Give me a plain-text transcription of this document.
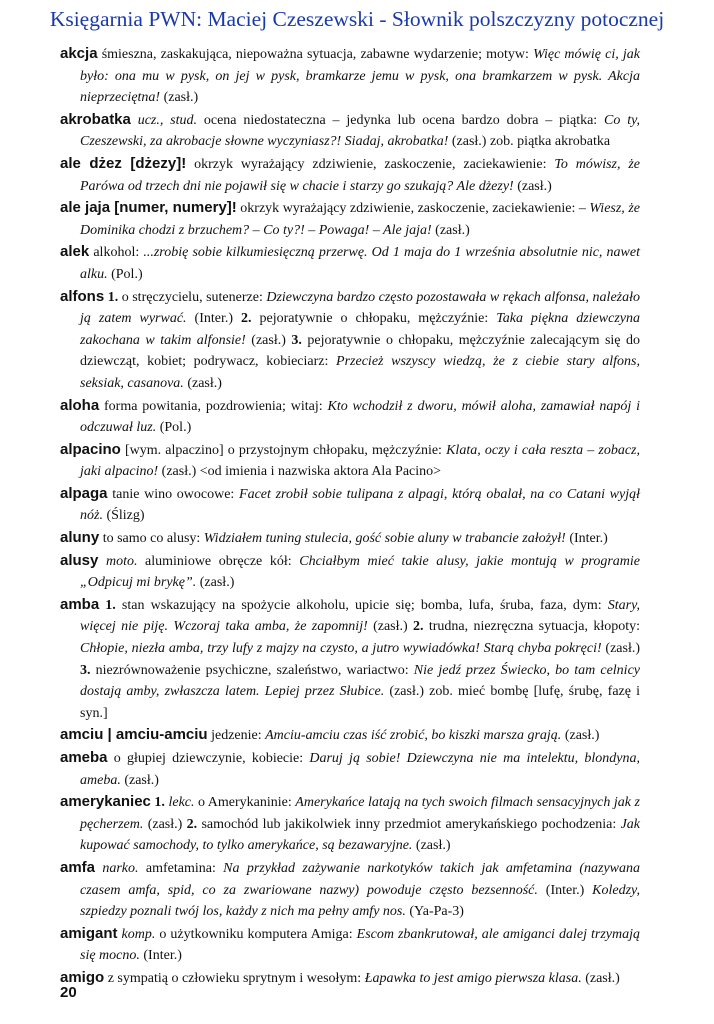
Księgarnia PWN: Maciej Czeszewski - Słownik polszczyzny potocznej
akcja śmieszna, zaskakująca, niepoważna sytuacja, zabawne wydarzenie; motyw: Więc mówię ci, jak było: ona mu w pysk, on jej w pysk, bramkarze jemu w pysk, ona bramkarzem w pysk. Akcja nieprzeciętna! (zasł.)
akrobatka ucz., stud. ocena niedostateczna – jedynka lub ocena bardzo dobra – piątka: Co ty, Czeszewski, za akrobacje słowne wyczyniasz?! Siadaj, akrobatka! (zasł.) zob. piątka akrobatka
ale dżez [dżezy]! okrzyk wyrażający zdziwienie, zaskoczenie, zaciekawienie: To mówisz, że Parówa od trzech dni nie pojawił się w chacie i starzy go szukają? Ale dżezy! (zasł.)
ale jaja [numer, numery]! okrzyk wyrażający zdziwienie, zaskoczenie, zaciekawienie: – Wiesz, że Dominika chodzi z brzuchem? – Co ty?! – Powaga! – Ale jaja! (zasł.)
alek alkohol: ...zrobię sobie kilkumiesięczną przerwę. Od 1 maja do 1 września absolutnie nic, nawet alku. (Pol.)
alfons 1. o stręczycielu, sutenerze: Dziewczyna bardzo często pozostawała w rękach alfonsa, należało ją zatem wyrwać. (Inter.) 2. pejoratywnie o chłopaku, mężczyźnie: Taka piękna dziewczyna zakochana w takim alfonsie! (zasł.) 3. pejoratywnie o chłopaku, mężczyźnie zalecającym się do dziewcząt, kobiet; podrywacz, kobieciarz: Przecież wszyscy wiedzą, że z ciebie stary alfons, seksiak, casanova. (zasł.)
aloha forma powitania, pozdrowienia; witaj: Kto wchodził z dworu, mówił aloha, zamawiał napój i odczuwał luz. (Pol.)
alpacino [wym. alpaczino] o przystojnym chłopaku, mężczyźnie: Klata, oczy i cała reszta – zobacz, jaki alpacino! (zasł.) <od imienia i nazwiska aktora Ala Pacino>
alpaga tanie wino owocowe: Facet zrobił sobie tulipana z alpagi, którą obalał, na co Catani wyjął nóż. (Ślizg)
aluny to samo co alusy: Widziałem tuning stulecia, gość sobie aluny w trabancie założył! (Inter.)
alusy moto. aluminiowe obręcze kół: Chciałbym mieć takie alusy, jakie montują w programie „Odpicuj mi brykę”. (zasł.)
amba 1. stan wskazujący na spożycie alkoholu, upicie się; bomba, lufa, śruba, faza, dym: Stary, więcej nie piję. Wczoraj taka amba, że zapomnij! (zasł.) 2. trudna, niezręczna sytuacja, kłopoty: Chłopie, niezła amba, trzy lufy z majzy na czysto, a jutro wywiadówka! Starą chyba pokręci! (zasł.) 3. niezrównoważenie psychiczne, szaleństwo, wariactwo: Nie jedź przez Świecko, bo tam celnicy dostają amby, zwłaszcza latem. Lepiej przez Słubice. (zasł.) zob. mieć bombę [lufę, śrubę, fazę i syn.]
amciu | amciu-amciu jedzenie: Amciu-amciu czas iść zrobić, bo kiszki marsza grają. (zasł.)
ameba o głupiej dziewczynie, kobiecie: Daruj ją sobie! Dziewczyna nie ma intelektu, blondyna, ameba. (zasł.)
amerykaniec 1. lekc. o Amerykaninie: Amerykańce latają na tych swoich filmach sensacyjnych jak z pęcherzem. (zasł.) 2. samochód lub jakikolwiek inny przedmiot amerykańskiego pochodzenia: Jak kupować samochody, to tylko amerykańce, są bezawaryjne. (zasł.)
amfa narko. amfetamina: Na przykład zażywanie narkotyków takich jak amfetamina (nazywana czasem amfa, spid, co za zwariowane nazwy) powoduje często bezsenność. (Inter.) Koledzy, szpiedzy poznali twój los, każdy z nich ma pełny amfy nos. (Ya-Pa-3)
amigant komp. o użytkowniku komputera Amiga: Escom zbankrutował, ale amiganci dalej trzymają się mocno. (Inter.)
amigo z sympatią o człowieku sprytnym i wesołym: Łapawka to jest amigo pierwsza klasa. (zasł.)
20
